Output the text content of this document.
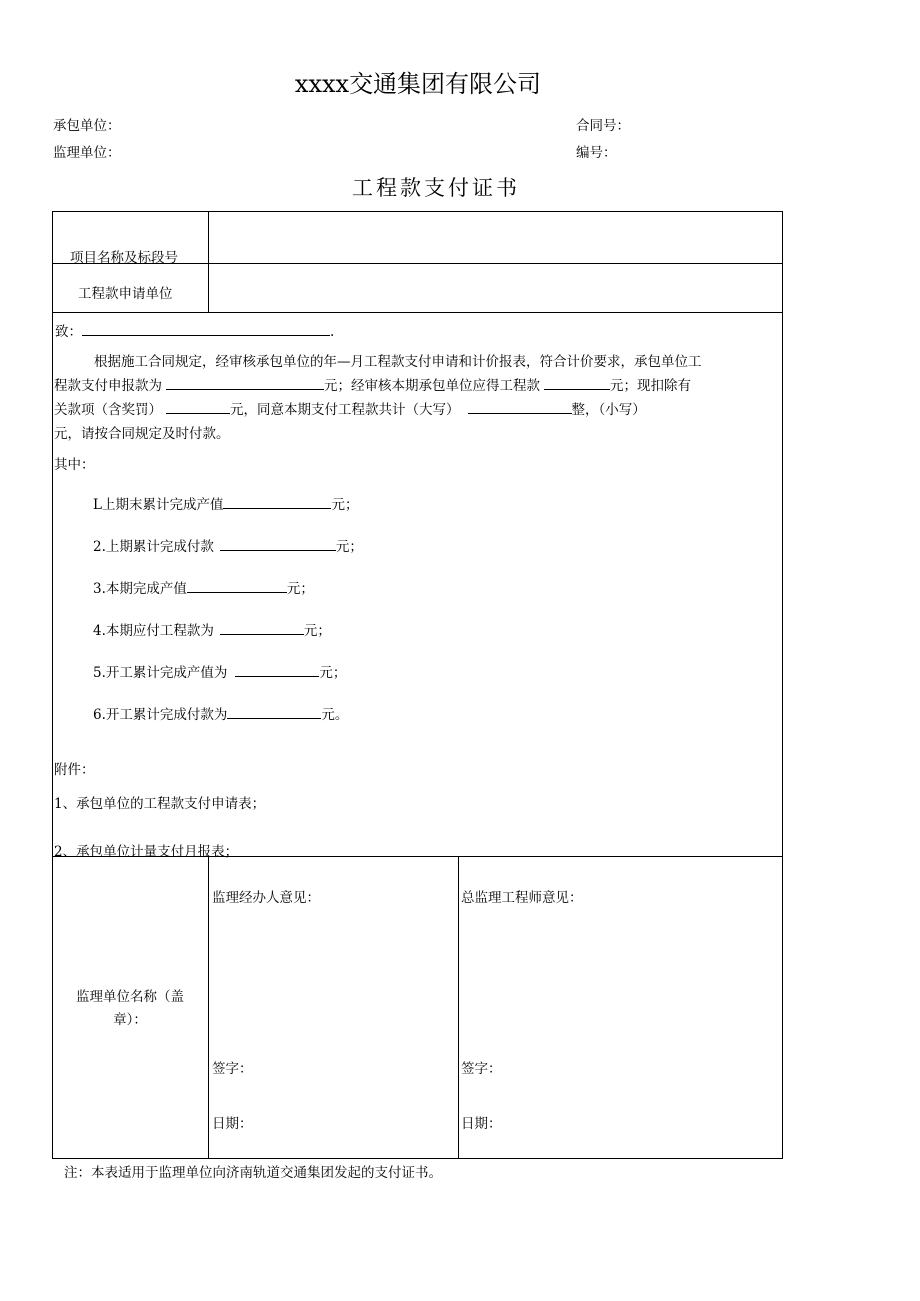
xxxx交通集团有限公司
承包单位：
监理单位：
合同号：
编号：
工程款支付证书
项目名称及标段号
工程款申请单位
致：	.
根据施工合同规定，经审核承包单位的年—月工程款支付申请和计价报表，符合计价要求，承包单位工
程款支付申报款为	元；经审核本期承包单位应得工程款	元；现扣除有
关款项（含奖罚）	元，同意本期支付工程款共计（大写）	整，（小写）
元，请按合同规定及时付款。
其中：
L上期末累计完成产值	元；
2.上期累计完成付款	元；
3.本期完成产值	元；
4.本期应付工程款为	元；
5.开工累计完成产值为	元；
6.开工累计完成付款为	元。
附件：
1、承包单位的工程款支付申请表；
2、承包单位计量支付月报表；
监理单位名称（盖章）：
监理经办人意见：
签字：
日期：
总监理工程师意见：
签字：
日期：
注：本表适用于监理单位向济南轨道交通集团发起的支付证书。
